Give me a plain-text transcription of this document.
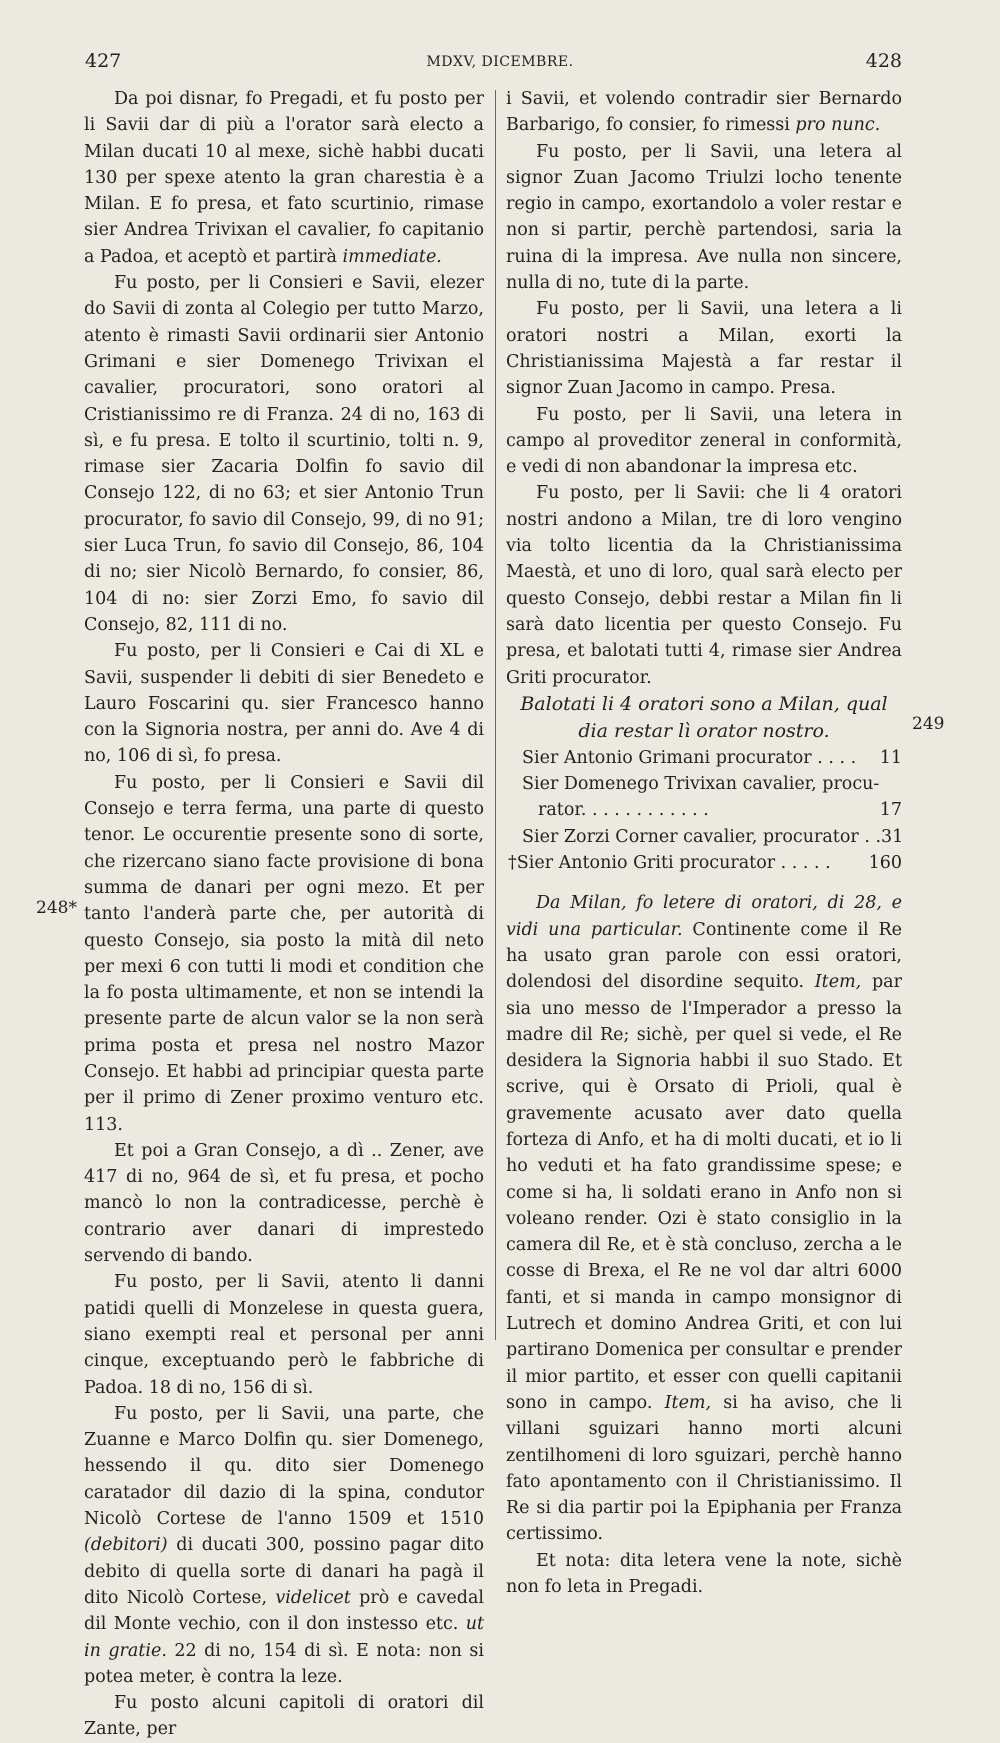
427	MDXV, DICEMBRE.	428
248*
249

Da poi disnar, fo Pregadi, et fu posto per li Savii dar di più a l'orator sarà electo a Milan ducati 10 al mexe, sichè habbi ducati 130 per spexe atento la gran charestia è a Milan. E fo presa, et fato scurtinio, rimase sier Andrea Trivixan el cavalier, fo capitanio a Padoa, et aceptò et partirà immediate.

Fu posto, per li Consieri e Savii, elezer do Savii di zonta al Colegio per tutto Marzo, atento è rimasti Savii ordinarii sier Antonio Grimani e sier Domenego Trivixan el cavalier, procuratori, sono oratori al Cristianissimo re di Franza. 24 di no, 163 di sì, e fu presa. E tolto il scurtinio, tolti n. 9, rimase sier Zacaria Dolfin fo savio dil Consejo 122, di no 63; et sier Antonio Trun procurator, fo savio dil Consejo, 99, di no 91; sier Luca Trun, fo savio dil Consejo, 86, 104 di no; sier Nicolò Bernardo, fo consier, 86, 104 di no: sier Zorzi Emo, fo savio dil Consejo, 82, 111 di no.

Fu posto, per li Consieri e Cai di XL e Savii, suspender li debiti di sier Benedeto e Lauro Foscarini qu. sier Francesco hanno con la Signoria nostra, per anni do. Ave 4 di no, 106 di sì, fo presa.

Fu posto, per li Consieri e Savii dil Consejo e terra ferma, una parte di questo tenor. Le occurentie presente sono di sorte, che rizercano siano facte provisione di bona summa de danari per ogni mezo. Et per tanto l'anderà parte che, per autorità di questo Consejo, sia posto la mità dil neto per mexi 6 con tutti li modi et condition che la fo posta ultimamente, et non se intendi la presente parte de alcun valor se la non serà prima posta et presa nel nostro Mazor Consejo. Et habbi ad principiar questa parte per il primo di Zener proximo venturo etc. 113.

Et poi a Gran Consejo, a dì .. Zener, ave 417 di no, 964 de sì, et fu presa, et pocho mancò lo non la contradicesse, perchè è contrario aver danari di imprestedo servendo di bando.

Fu posto, per li Savii, atento li danni patidi quelli di Monzelese in questa guera, siano exempti real et personal per anni cinque, exceptuando però le fabbriche di Padoa. 18 di no, 156 di sì.

Fu posto, per li Savii, una parte, che Zuanne e Marco Dolfin qu. sier Domenego, hessendo il qu. dito sier Domenego caratador dil dazio di la spina, condutor Nicolò Cortese de l'anno 1509 et 1510 (debitori) di ducati 300, possino pagar dito debito di quella sorte di danari ha pagà il dito Nicolò Cortese, videlicet prò e cavedal dil Monte vechio, con il don instesso etc. ut in gratie. 22 di no, 154 di sì. E nota: non si potea meter, è contra la leze.

Fu posto alcuni capitoli di oratori dil Zante, per

i Savii, et volendo contradir sier Bernardo Barbarigo, fo consier, fo rimessi pro nunc.

Fu posto, per li Savii, una letera al signor Zuan Jacomo Triulzi locho tenente regio in campo, exortandolo a voler restar e non si partir, perchè partendosi, saria la ruina di la impresa. Ave nulla non sincere, nulla di no, tute di la parte.

Fu posto, per li Savii, una letera a li oratori nostri a Milan, exorti la Christianissima Majestà a far restar il signor Zuan Jacomo in campo. Presa.

Fu posto, per li Savii, una letera in campo al proveditor zeneral in conformità, e vedi di non abandonar la impresa etc.

Fu posto, per li Savii: che li 4 oratori nostri andono a Milan, tre di loro vengino via tolto licentia da la Christianissima Maestà, et uno di loro, qual sarà electo per questo Consejo, debbi restar a Milan fin li sarà dato licentia per questo Consejo. Fu presa, et balotati tutti 4, rimase sier Andrea Griti procurator.

Balotati li 4 oratori sono a Milan, qual dia restar lì orator nostro.

Sier Antonio Grimani procurator . . . .	11
Sier Domenego Trivixan cavalier, procu-
rator. . . . . . . . . . . .	17
Sier Zorzi Corner cavalier, procurator . . 31
†Sier Antonio Griti procurator . . . . .	160

Da Milan, fo letere di oratori, di 28, e vidi una particular. Continente come il Re ha usato gran parole con essi oratori, dolendosi del disordine sequito. Item, par sia uno messo de l'Imperador a presso la madre dil Re; sichè, per quel si vede, el Re desidera la Signoria habbi il suo Stado. Et scrive, qui è Orsato di Prioli, qual è gravemente acusato aver dato quella forteza di Anfo, et ha di molti ducati, et io li ho veduti et ha fato grandissime spese; e come si ha, li soldati erano in Anfo non si voleano render. Ozi è stato consiglio in la camera dil Re, et è stà concluso, zercha a le cosse di Brexa, el Re ne vol dar altri 6000 fanti, et si manda in campo monsignor di Lutrech et domino Andrea Griti, et con lui partirano Domenica per consultar e prender il mior partito, et esser con quelli capitanii sono in campo. Item, si ha aviso, che li villani sguizari hanno morti alcuni zentilhomeni di loro sguizari, perchè hanno fato apontamento con il Christianissimo. Il Re si dia partir poi la Epiphania per Franza certissimo.

Et nota: dita letera vene la note, sichè non fo leta in Pregadi.
